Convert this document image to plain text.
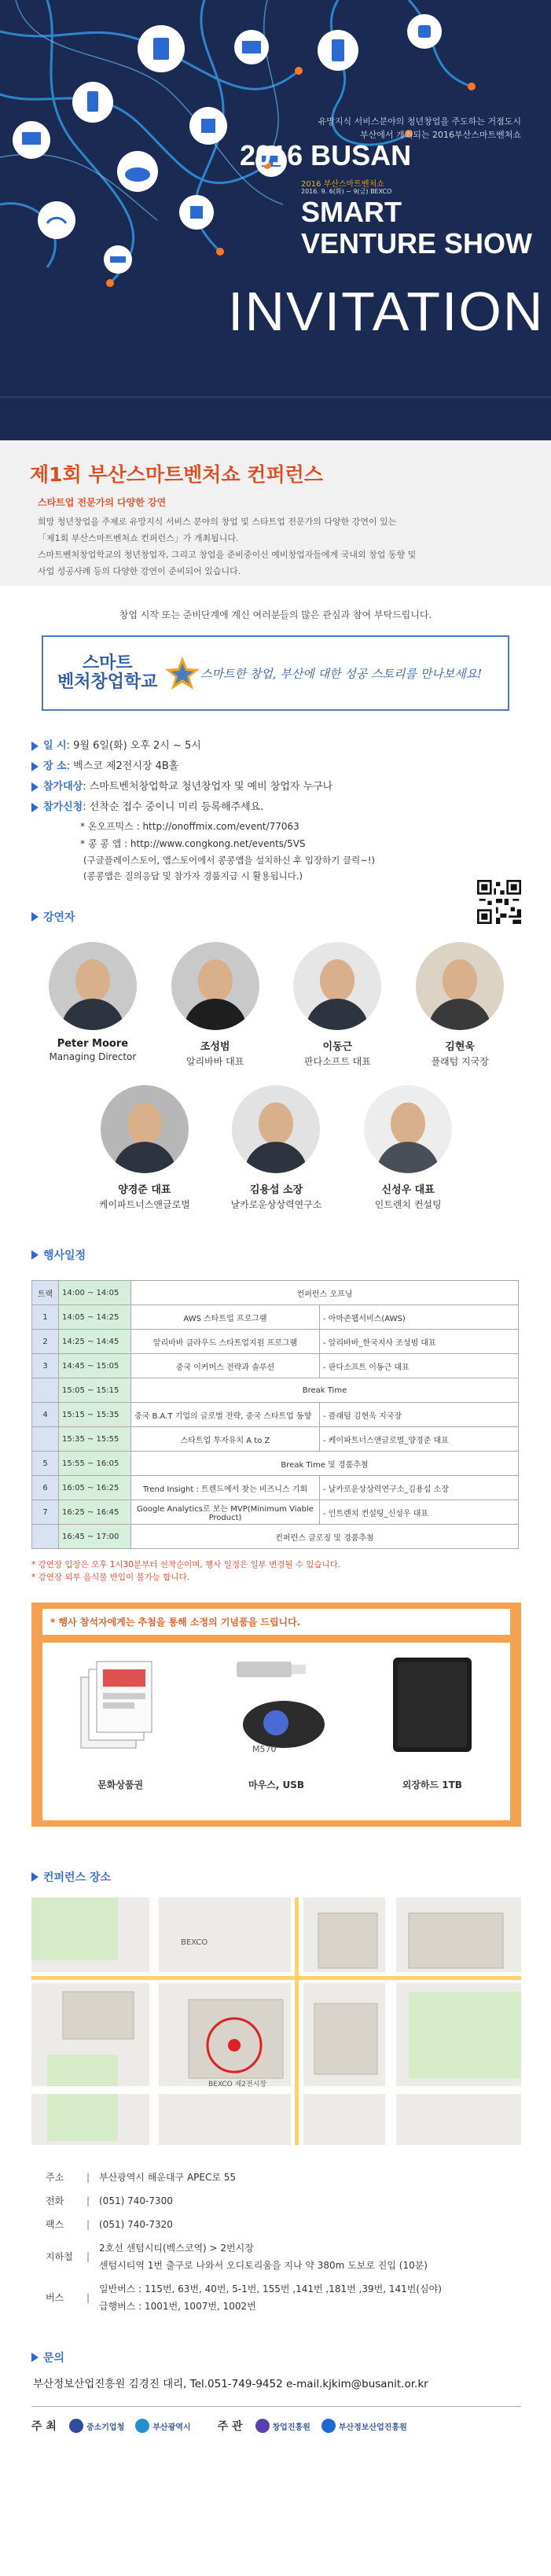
유망지식 서비스분야의 청년창업을 주도하는 거점도시
부산에서 개최되는 2016부산스마트벤처쇼
2016 BUSAN
2016 부산스마트벤처쇼
2016. 9. 6(화) ~ 9(금) BEXCO
SMART
VENTURE SHOW
INVITATION
제1회 부산스마트벤처쇼 컨퍼런스
스타트업 전문가의 다양한 강연

희망 청년창업을 주제로 유망지식 서비스 분야의 창업 및 스타트업 전문가의 다양한 강연이 있는

「제1회 부산스마트벤처쇼 컨퍼런스」가 개최됩니다.

스마트벤처창업학교의 청년창업자, 그리고 창업을 준비중이신 예비창업자들에게 국내외 창업 동향 및

사업 성공사례 등의 다양한 강연이 준비되어 있습니다.

창업 시작 또는 준비단계에 계신 여러분들의 많은 관심과 참여 부탁드립니다.
스마트
벤처창업학교	스마트한 창업, 부산에 대한 성공 스토리를 만나보세요!
일 시: 9월 6일(화) 오후 2시 ~ 5시
장 소: 벡스코 제2전시장 4B홀
참가대상: 스마트벤처창업학교 청년창업자 및 예비 창업자 누구나
참가신청: 선착순 접수 중이니 미리 등록해주세요.
* 온오프믹스 : http://onoffmix.com/event/77063
* 콩 콩 앱 : http://www.congkong.net/events/5VS
(구글플레이스토어, 앱스토어에서 콩콩앱을 설치하신 후 입장하기 클릭~!)
(콩콩앱은 질의응답 및 참가자 경품지급 시 활용됩니다.)
강연자
Peter Moore
Managing Director
조성범
알리바바 대표
이동근
판다소프트 대표
김현욱
플래텀 지국장
양경준 대표
케이파트너스앤글로벌
김용섭 소장
날카로운상상력연구소
신성우 대표
인트렌치 컨설팅
행사일정
트랙	14:00 ~ 14:05	컨퍼런스 오프닝	
1	14:05 ~ 14:25	AWS 스타트업 프로그램	- 아마존웹서비스(AWS)
2	14:25 ~ 14:45	알리바바 클라우드 스타트업지원 프로그램	- 알리바바_한국지사 조성범 대표
3	14:45 ~ 15:05	중국 이커머스 전략과 솔루션	- 판다소프트 이동근 대표
	15:05 ~ 15:15	Break Time	
4	15:15 ~ 15:35	중국 B.A.T 기업의 글로벌 전략, 중국 스타트업 동향	- 플래텀 김현욱 지국장
	15:35 ~ 15:55	스타트업 투자유치 A to Z	- 케이파트너스앤글로벌_양경준 대표
5	15:55 ~ 16:05	Break Time 및 경품추첨	
6	16:05 ~ 16:25	Trend Insight : 트렌드에서 찾는 비즈니스 기회	- 날카로운상상력연구소_김용섭 소장
7	16:25 ~ 16:45	Google Analytics로 보는 MVP(Minimum Viable Product)	- 인트렌치 컨설팅_신성우 대표
	16:45 ~ 17:00	컨퍼런스 클로징 및 경품추첨	
* 강연장 입장은 오후 1시30분부터 선착순이며, 행사 일정은 일부 변경될 수 있습니다.
* 강연장 외부 음식물 반입이 불가능 합니다.
* 행사 참석자에게는 추첨을 통해 소정의 기념품을 드립니다.
문화상품권
M570
마우스, USB	외장하드 1TB
컨퍼런스 장소
BEXCO
BEXCO 제2전시장
주소	| 부산광역시 해운대구 APEC로 55
전화	| (051) 740-7300
팩스	| (051) 740-7320
지하철	|
2호선 센텀시티(벡스코역) > 2번시장
센텀시티역 1번 출구로 나와서 오디토리움을 지나 약 380m 도보로 진입 (10분)
버스	|
일반버스 : 115번, 63번, 40번, 5-1번, 155번 ,141번 ,181번 ,39번, 141번(심야)
급행버스 : 1001번, 1007번, 1002번
문의
부산정보산업진흥원 김경진 대리, Tel.051-749-9452 e-mail.kjkim@busanit.or.kr
주 최	중소기업청	부산광역시 주 관	창업진흥원	부산정보산업진흥원
